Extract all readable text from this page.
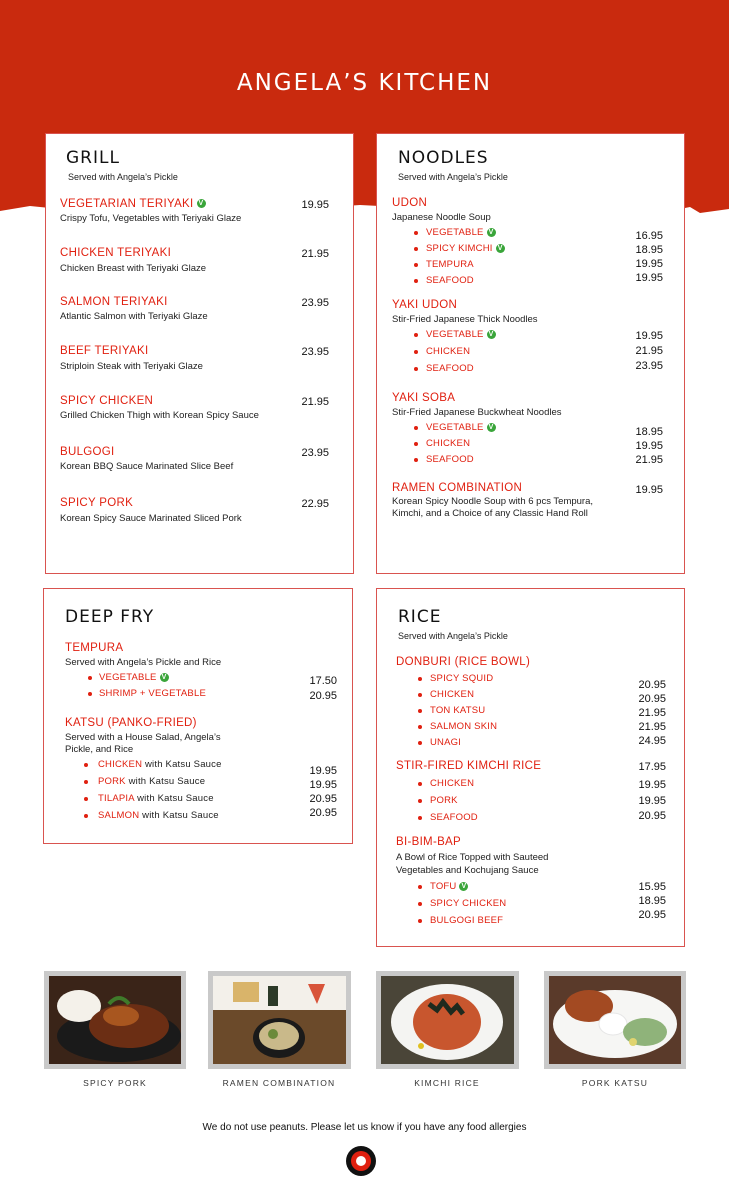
ANGELA’S KITCHEN
GRILL
Served with Angela’s Pickle
VEGETARIAN TERIYAKI V
Crispy Tofu, Vegetables with Teriyaki Glaze
19.95
CHICKEN TERIYAKI
Chicken Breast with Teriyaki Glaze
21.95
SALMON TERIYAKI
Atlantic Salmon with Teriyaki Glaze
23.95
BEEF TERIYAKI
Striploin Steak with Teriyaki Glaze
23.95
SPICY CHICKEN
Grilled Chicken Thigh with Korean Spicy Sauce
21.95
BULGOGI
Korean BBQ Sauce Marinated Slice Beef
23.95
SPICY PORK
Korean Spicy Sauce Marinated Sliced Pork
22.95
NOODLES
Served with Angela’s Pickle
UDON
Japanese Noodle Soup
VEGETABLE V	16.95
SPICY KIMCHI V	18.95
TEMPURA	19.95
SEAFOOD	19.95
YAKI UDON
Stir-Fried Japanese Thick Noodles
VEGETABLE V	19.95
CHICKEN	21.95
SEAFOOD	23.95
YAKI SOBA
Stir-Fried Japanese Buckwheat Noodles
VEGETABLE V	18.95
CHICKEN	19.95
SEAFOOD	21.95
RAMEN COMBINATION	19.95
Korean Spicy Noodle Soup with 6 pcs Tempura,
Kimchi, and a Choice of any Classic Hand Roll
DEEP FRY
TEMPURA
Served with Angela’s Pickle and Rice
VEGETABLE V	17.50
SHRIMP + VEGETABLE	20.95
KATSU (PANKO-FRIED)
Served with a House Salad, Angela’s
Pickle, and Rice
CHICKEN with Katsu Sauce
19.95
PORK with Katsu Sauce	19.95
TILAPIA with Katsu Sauce	20.95
SALMON with Katsu Sauce	20.95
RICE
Served with Angela’s Pickle
DONBURI (RICE BOWL)
SPICY SQUID
20.95
CHICKEN	20.95
TON KATSU	21.95
SALMON SKIN	21.95
UNAGI	24.95
STIR-FIRED KIMCHI RICE	17.95
CHICKEN	19.95
PORK	19.95
SEAFOOD	20.95
BI-BIM-BAP
A Bowl of Rice Topped with Sauteed
Vegetables and Kochujang Sauce
TOFU V	15.95
SPICY CHICKEN	18.95
BULGOGI BEEF	20.95
SPICY PORK	RAMEN COMBINATION	KIMCHI RICE	PORK KATSU
We do not use peanuts. Please let us know if you have any food allergies
